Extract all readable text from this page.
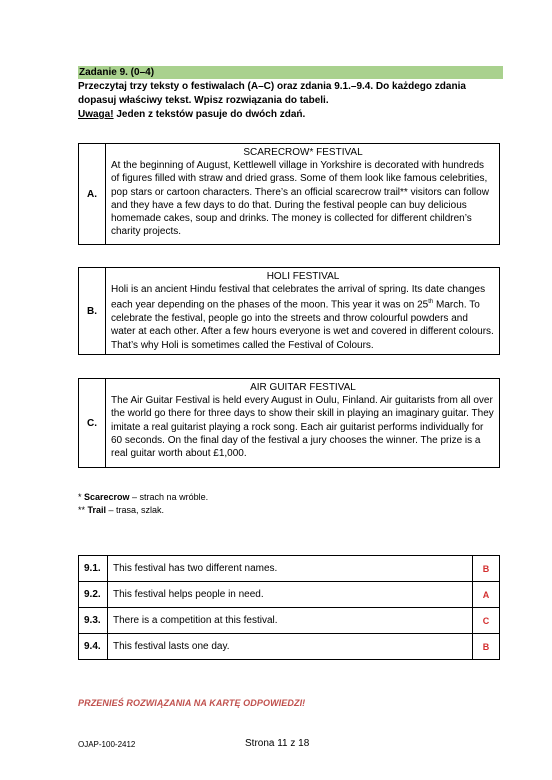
Zadanie 9. (0–4)
Przeczytaj trzy teksty o festiwalach (A–C) oraz zdania 9.1.–9.4. Do każdego zdania
dopasuj właściwy tekst. Wpisz rozwiązania do tabeli.
Uwaga! Jeden z tekstów pasuje do dwóch zdań.
A.
SCARECROW* FESTIVAL
At the beginning of August, Kettlewell village in Yorkshire is decorated with hundreds of figures filled with straw and dried grass. Some of them look like famous celebrities, pop stars or cartoon characters. There’s an official scarecrow trail** visitors can follow and they have a few days to do that. During the festival people can buy delicious homemade cakes, soup and drinks. The money is collected for different children’s charity projects.
B.
HOLI FESTIVAL
Holi is an ancient Hindu festival that celebrates the arrival of spring. Its date changes each year depending on the phases of the moon. This year it was on 25th March. To celebrate the festival, people go into the streets and throw colourful powders and water at each other. After a few hours everyone is wet and covered in different colours. That’s why Holi is sometimes called the Festival of Colours.
C.
AIR GUITAR FESTIVAL
The Air Guitar Festival is held every August in Oulu, Finland. Air guitarists from all over the world go there for three days to show their skill in playing an imaginary guitar. They imitate a real guitarist playing a rock song. Each air guitarist performs individually for 60 seconds. On the final day of the festival a jury chooses the winner. The prize is a real guitar worth about £1,000.
* Scarecrow – strach na wróble.
** Trail – trasa, szlak.
9.1.	This festival has two different names.	B
9.2.	This festival helps people in need.	A
9.3.	There is a competition at this festival.	C
9.4.	This festival lasts one day.	B
PRZENIEŚ ROZWIĄZANIA NA KARTĘ ODPOWIEDZI!
OJAP-100-2412	Strona 11 z 18
